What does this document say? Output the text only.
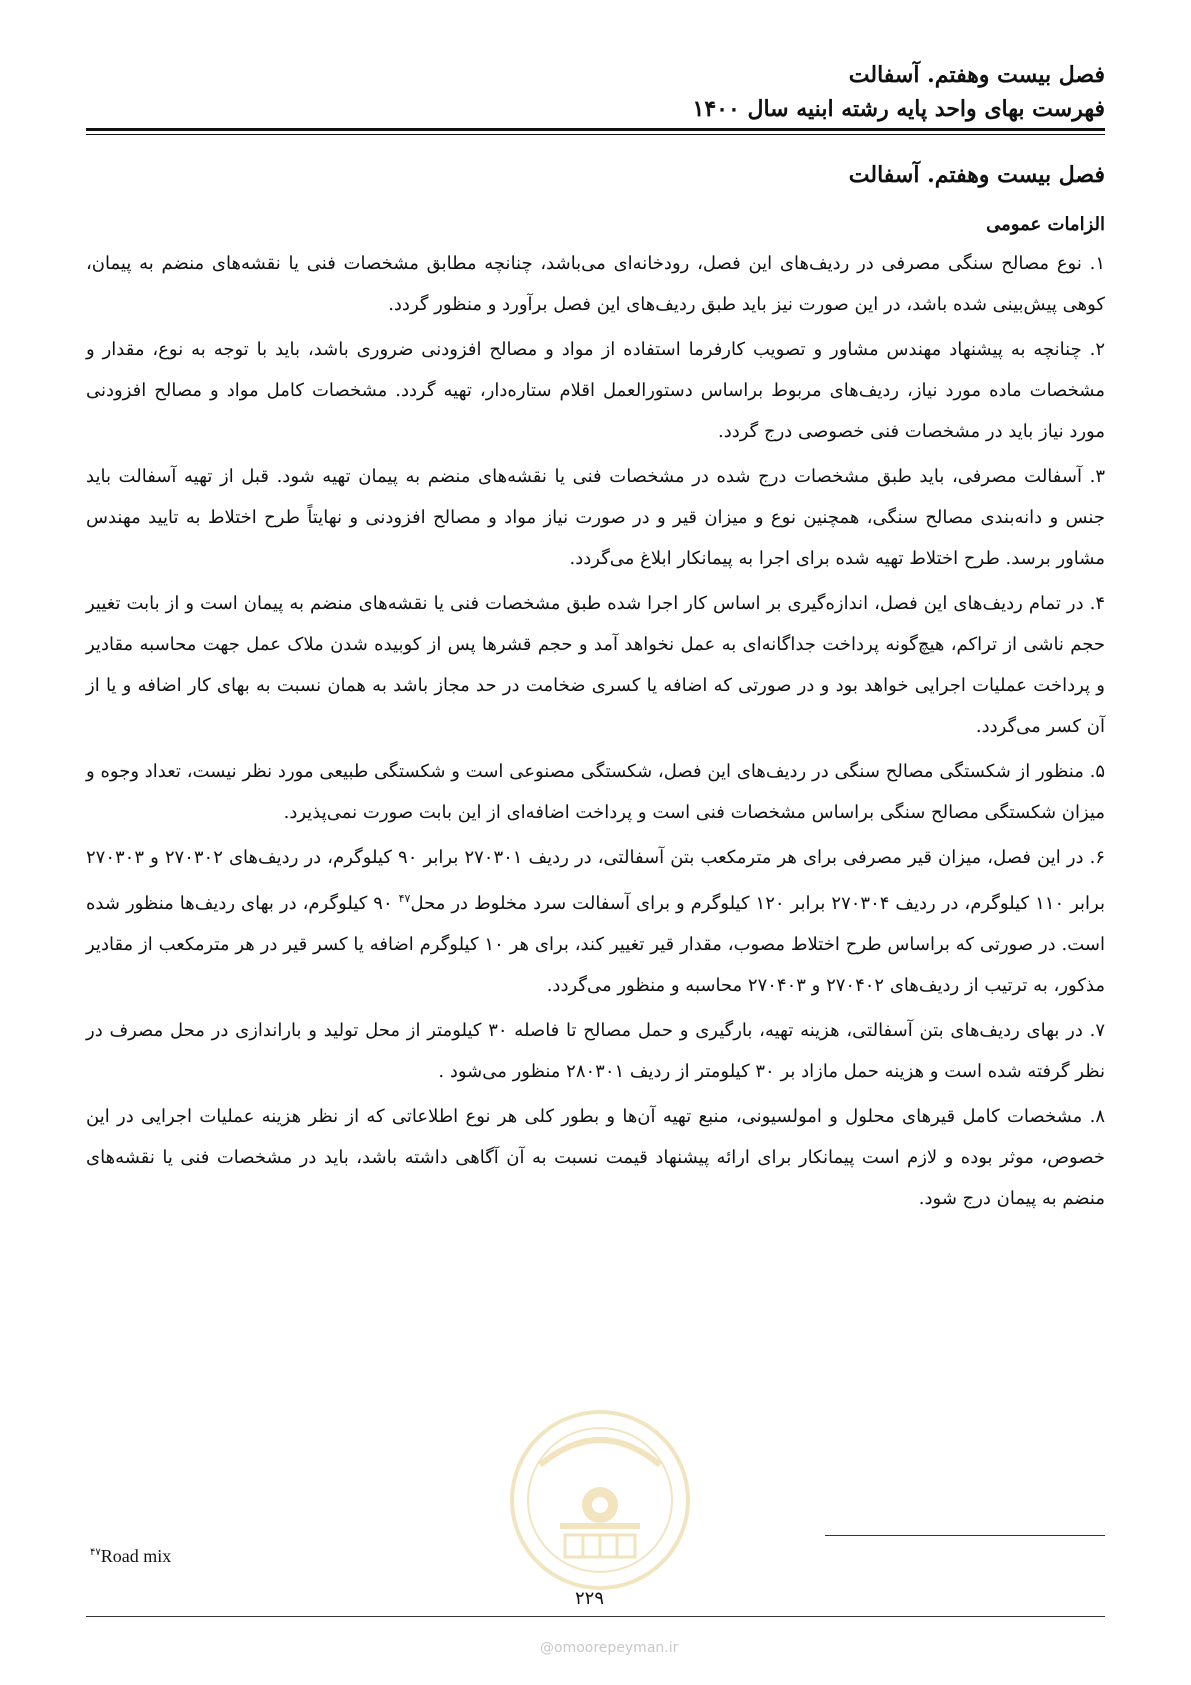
فصل بیست وهفتم. آسفالت
فهرست بهای واحد پایه رشته ابنیه سال ۱۴۰۰
فصل بیست وهفتم. آسفالت
الزامات عمومی

۱. نوع مصالح سنگی مصرفی در ردیف‌های این فصل، رودخانه‌ای می‌باشد، چنانچه مطابق مشخصات فنی یا نقشه‌های منضم به پیمان، کوهی پیش‌بینی شده باشد، در این صورت نیز باید طبق ردیف‌های این فصل برآورد و منظور گردد.

۲. چنانچه به پیشنهاد مهندس مشاور و تصویب کارفرما استفاده از مواد و مصالح افزودنی ضروری باشد، باید با توجه به نوع، مقدار و مشخصات ماده مورد نیاز، ردیف‌های مربوط براساس دستورالعمل اقلام ستاره‌دار، تهیه گردد. مشخصات کامل مواد و مصالح افزودنی مورد نیاز باید در مشخصات فنی خصوصی درج گردد.

۳. آسفالت مصرفی، باید طبق مشخصات درج شده در مشخصات فنی یا نقشه‌های منضم به پیمان تهیه شود. قبل از تهیه آسفالت باید جنس و دانه‌بندی مصالح سنگی، همچنین نوع و میزان قیر و در صورت نیاز مواد و مصالح افزودنی و نهایتاً طرح اختلاط به تایید مهندس مشاور برسد. طرح اختلاط تهیه شده برای اجرا به پیمانکار ابلاغ می‌گردد.

۴. در تمام ردیف‌های این فصل، اندازه‌گیری بر اساس کار اجرا شده طبق مشخصات فنی یا نقشه‌های منضم به پیمان است و از بابت تغییر حجم ناشی از تراکم، هیچ‌گونه پرداخت جداگانه‌ای به عمل نخواهد آمد و حجم قشرها پس از کوبیده شدن ملاک عمل جهت محاسبه مقادیر و پرداخت عملیات اجرایی خواهد بود و در صورتی که اضافه یا کسری ضخامت در حد مجاز باشد به همان نسبت به بهای کار اضافه و یا از آن کسر می‌گردد.

۵. منظور از شکستگی مصالح سنگی در ردیف‌های این فصل، شکستگی مصنوعی است و شکستگی طبیعی مورد نظر نیست، تعداد وجوه و میزان شکستگی مصالح سنگی براساس مشخصات فنی است و پرداخت اضافه‌ای از این بابت صورت نمی‌پذیرد.

۶. در این فصل، میزان قیر مصرفی برای هر مترمکعب بتن آسفالتی، در ردیف ۲۷۰۳۰۱ برابر ۹۰ کیلوگرم، در ردیف‌های ۲۷۰۳۰۲ و ۲۷۰۳۰۳ برابر ۱۱۰ کیلوگرم، در ردیف ۲۷۰۳۰۴ برابر ۱۲۰ کیلوگرم و برای آسفالت سرد مخلوط در محل$^{۴۷}$ ۹۰ کیلوگرم، در بهای ردیف‌ها منظور شده است. در صورتی که براساس طرح اختلاط مصوب، مقدار قیر تغییر کند، برای هر ۱۰ کیلوگرم اضافه یا کسر قیر در هر مترمکعب از مقادیر مذکور، به ترتیب از ردیف‌های ۲۷۰۴۰۲ و ۲۷۰۴۰۳ محاسبه و منظور می‌گردد.

۷. در بهای ردیف‌های بتن آسفالتی، هزینه تهیه، بارگیری و حمل مصالح تا فاصله ۳۰ کیلومتر از محل تولید و باراندازی در محل مصرف در نظر گرفته شده است و هزینه حمل مازاد بر ۳۰ کیلومتر از ردیف ۲۸۰۳۰۱ منظور می‌شود .

۸. مشخصات کامل قیرهای محلول و امولسیونی، منبع تهیه آن‌ها و بطور کلی هر نوع اطلاعاتی که از نظر هزینه عملیات اجرایی در این خصوص، موثر بوده و لازم است پیمانکار برای ارائه پیشنهاد قیمت نسبت به آن آگاهی داشته باشد، باید در مشخصات فنی یا نقشه‌های منضم به پیمان درج شود.

$^{۴۷}$Road mix
۲۲۹
@omoorepeyman.ir
